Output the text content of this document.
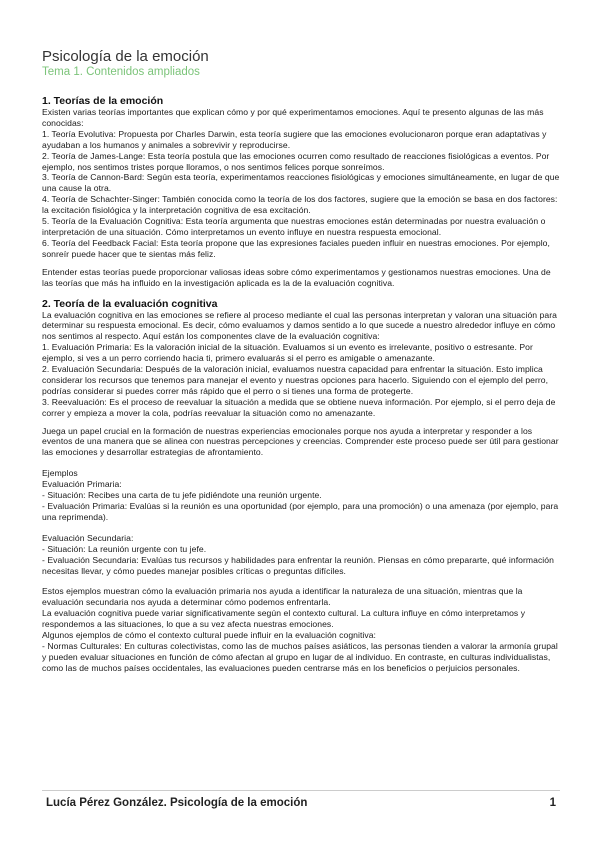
Psicología de la emoción
Tema 1. Contenidos ampliados
1. Teorías de la emoción

Existen varias teorías importantes que explican cómo y por qué experimentamos emociones. Aquí te presento algunas de las más conocidas:

1. Teoría Evolutiva: Propuesta por Charles Darwin, esta teoría sugiere que las emociones evolucionaron porque eran adaptativas y ayudaban a los humanos y animales a sobrevivir y reproducirse.

2. Teoría de James-Lange: Esta teoría postula que las emociones ocurren como resultado de reacciones fisiológicas a eventos. Por ejemplo, nos sentimos tristes porque lloramos, o nos sentimos felices porque sonreímos.

3. Teoría de Cannon-Bard: Según esta teoría, experimentamos reacciones fisiológicas y emociones simultáneamente, en lugar de que una cause la otra.

4. Teoría de Schachter-Singer: También conocida como la teoría de los dos factores, sugiere que la emoción se basa en dos factores: la excitación fisiológica y la interpretación cognitiva de esa excitación.

5. Teoría de la Evaluación Cognitiva: Esta teoría argumenta que nuestras emociones están determinadas por nuestra evaluación o interpretación de una situación. Cómo interpretamos un evento influye en nuestra respuesta emocional.

6. Teoría del Feedback Facial: Esta teoría propone que las expresiones faciales pueden influir en nuestras emociones. Por ejemplo, sonreír puede hacer que te sientas más feliz.

Entender estas teorías puede proporcionar valiosas ideas sobre cómo experimentamos y gestionamos nuestras emociones. Una de las teorías que más ha influido en la investigación aplicada es la de la evaluación cognitiva.

2. Teoría de la evaluación cognitiva

La evaluación cognitiva en las emociones se refiere al proceso mediante el cual las personas interpretan y valoran una situación para determinar su respuesta emocional. Es decir, cómo evaluamos y damos sentido a lo que sucede a nuestro alrededor influye en cómo nos sentimos al respecto. Aquí están los componentes clave de la evaluación cognitiva:

1. Evaluación Primaria: Es la valoración inicial de la situación. Evaluamos si un evento es irrelevante, positivo o estresante. Por ejemplo, si ves a un perro corriendo hacia ti, primero evaluarás si el perro es amigable o amenazante.

2. Evaluación Secundaria: Después de la valoración inicial, evaluamos nuestra capacidad para enfrentar la situación. Esto implica considerar los recursos que tenemos para manejar el evento y nuestras opciones para hacerlo. Siguiendo con el ejemplo del perro, podrías considerar si puedes correr más rápido que el perro o si tienes una forma de protegerte.

3. Reevaluación: Es el proceso de reevaluar la situación a medida que se obtiene nueva información. Por ejemplo, si el perro deja de correr y empieza a mover la cola, podrías reevaluar la situación como no amenazante.

Juega un papel crucial en la formación de nuestras experiencias emocionales porque nos ayuda a interpretar y responder a los eventos de una manera que se alinea con nuestras percepciones y creencias. Comprender este proceso puede ser útil para gestionar las emociones y desarrollar estrategias de afrontamiento.

Ejemplos

Evaluación Primaria:

- Situación: Recibes una carta de tu jefe pidiéndote una reunión urgente.

- Evaluación Primaria: Evalúas si la reunión es una oportunidad (por ejemplo, para una promoción) o una amenaza (por ejemplo, para una reprimenda).

Evaluación Secundaria:

- Situación: La reunión urgente con tu jefe.

- Evaluación Secundaria: Evalúas tus recursos y habilidades para enfrentar la reunión. Piensas en cómo prepararte, qué información necesitas llevar, y cómo puedes manejar posibles críticas o preguntas difíciles.

Estos ejemplos muestran cómo la evaluación primaria nos ayuda a identificar la naturaleza de una situación, mientras que la evaluación secundaria nos ayuda a determinar cómo podemos enfrentarla.

La evaluación cognitiva puede variar significativamente según el contexto cultural. La cultura influye en cómo interpretamos y respondemos a las situaciones, lo que a su vez afecta nuestras emociones.

Algunos ejemplos de cómo el contexto cultural puede influir en la evaluación cognitiva:

- Normas Culturales: En culturas colectivistas, como las de muchos países asiáticos, las personas tienden a valorar la armonía grupal y pueden evaluar situaciones en función de cómo afectan al grupo en lugar de al individuo. En contraste, en culturas individualistas, como las de muchos países occidentales, las evaluaciones pueden centrarse más en los beneficios o perjuicios personales.

Lucía Pérez González. Psicología de la emoción	1
